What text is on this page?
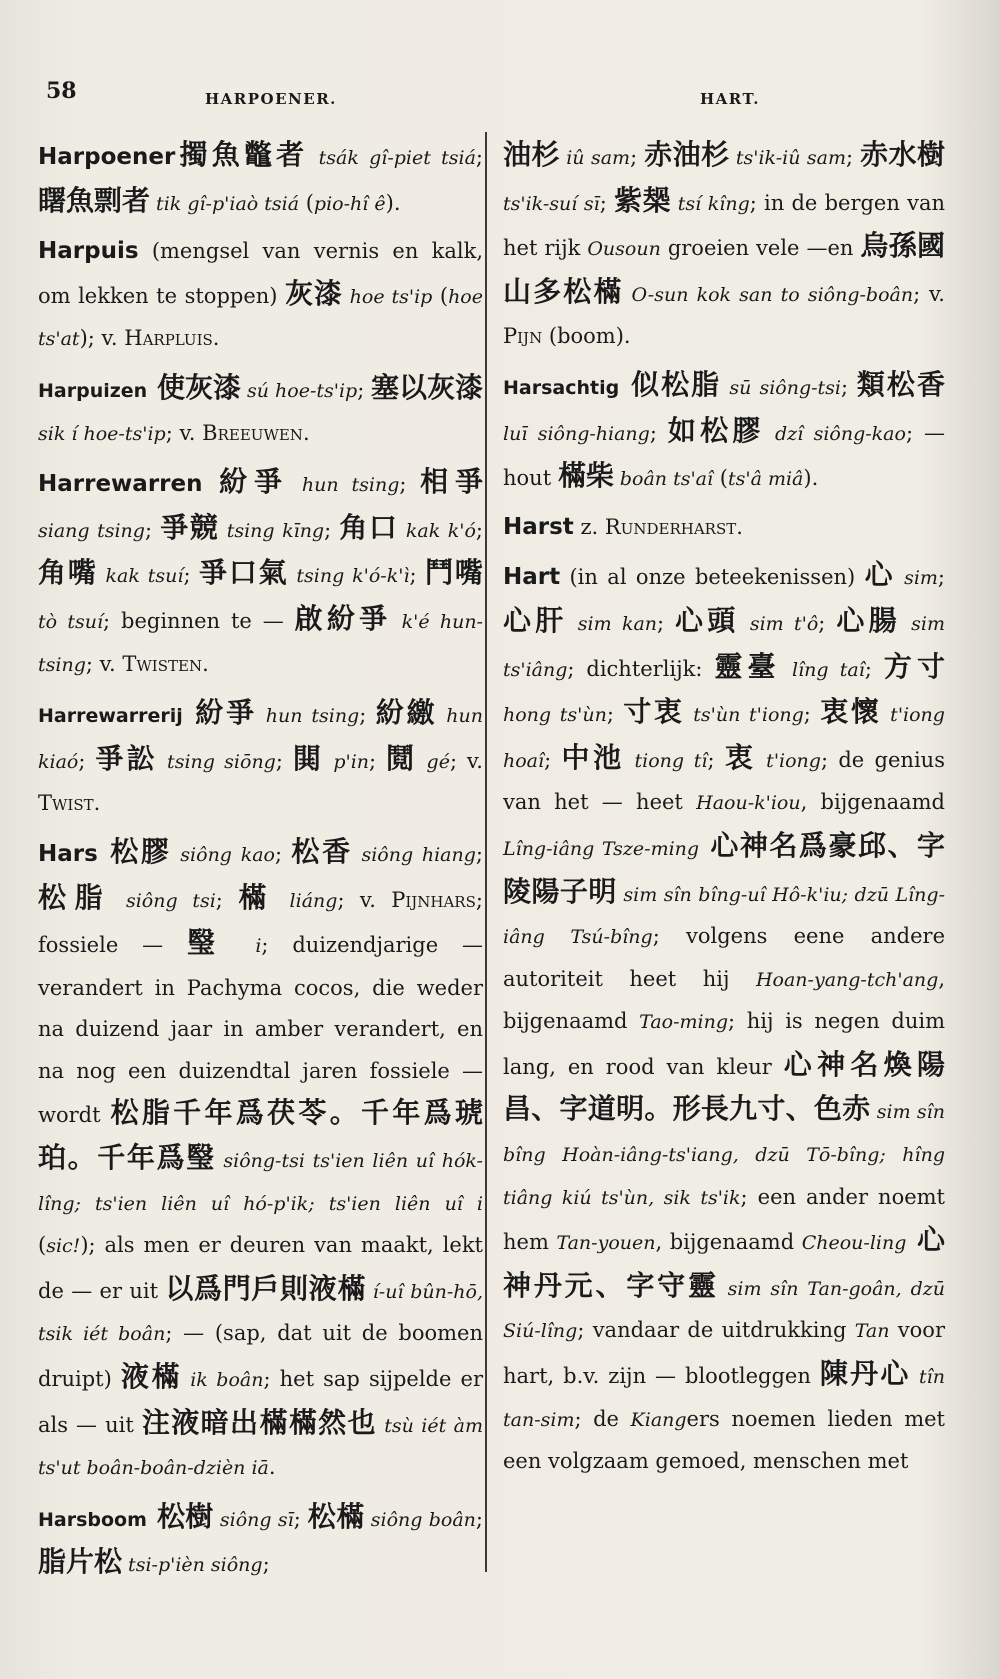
58	HARPOENER.	HART.
Harpoener擉魚鼈者 tsák gî-piet tsiá; 𥌓魚剽者 tik gî-p'iaò tsiá (pio-hî ê).
Harpuis (mengsel van vernis en kalk, om lekken te stoppen) 灰漆 hoe ts'ip (hoe ts'at); v. Harpluis.
Harpuizen 使灰漆 sú hoe-ts'ip; 塞以灰漆 sik í hoe-ts'ip; v. Breeuwen.
Harrewarren 紛爭 hun tsing; 相爭 siang tsing; 爭競 tsing kīng; 角口 kak k'ó; 角嘴 kak tsuí; 爭口氣 tsing k'ó-k'ì; 鬥嘴 tò tsuí; beginnen te — 啟紛爭 k'é hun-tsing; v. Twisten.
Harrewarrerij 紛爭 hun tsing; 紛繳 hun kiaó; 爭訟 tsing siōng; 閧 p'in; 鬩 gé; v. Twist.
Hars 松膠 siông kao; 松香 siông hiang; 松脂 siông tsi; 樠 liáng; v. Pijnhars; fossiele — 瑿 i; duizendjarige — verandert in Pachyma cocos, die weder na duizend jaar in amber verandert, en na nog een duizendtal jaren fossiele — wordt 松脂千年爲茯苓。千年爲琥珀。千年爲瑿 siông-tsi ts'ien liên uî hók-lîng; ts'ien liên uî hó-p'ik; ts'ien liên uî i (sic!); als men er deuren van maakt, lekt de — er uit 以爲門戶則液樠 í-uî bûn-hō, tsik iét boân; — (sap, dat uit de boomen druipt) 液樠 ik boân; het sap sijpelde er als — uit 注液暗出樠樠然也 tsù iét àm ts'ut boân-boân-dzièn iā.
Harsboom 松樹 siông sī; 松樠 siông boân; 脂片松 tsi-p'ièn siông;
油杉 iû sam; 赤油杉 ts'ik-iû sam; 赤水樹 ts'ik-suí sī; 紫椝 tsí kîng; in de bergen van het rijk Ousoun groeien vele —en 烏孫國山多松樠 O-sun kok san to siông-boân; v. Pijn (boom).
Harsachtig 似松脂 sū siông-tsi; 類松香 luī siông-hiang; 如松膠 dzî siông-kao; — hout 樠柴 boân ts'aî (ts'â miâ).
Harst z. Runderharst.
Hart (in al onze beteekenissen) 心 sim; 心肝 sim kan; 心頭 sim t'ô; 心腸 sim ts'iâng; dichterlijk: 靈臺 lîng taî; 方寸 hong ts'ùn; 寸衷 ts'ùn t'iong; 衷懷 t'iong hoaî; 中池 tiong tî; 衷 t'iong; de genius van het — heet Haou-k'iou, bijgenaamd Lîng-iâng Tsze-ming 心神名爲豪邱、字陵陽子明 sim sîn bîng-uî Hô-k'iu; dzū Lîng-iâng Tsú-bîng; volgens eene andere autoriteit heet hij Hoan-yang-tch'ang, bijgenaamd Tao-ming; hij is negen duim lang, en rood van kleur 心神名煥陽昌、字道明。形長九寸、色赤 sim sîn bîng Hoàn-iâng-ts'iang, dzū Tō-bîng; hîng tiâng kiú ts'ùn, sik ts'ik; een ander noemt hem Tan-youen, bijgenaamd Cheou-ling 心神丹元、字守靈 sim sîn Tan-goân, dzū Siú-lîng; vandaar de uitdrukking Tan voor hart, b.v. zijn — blootleggen 陳丹心 tîn tan-sim; de Kiangers noemen lieden met een volgzaam gemoed, menschen met
